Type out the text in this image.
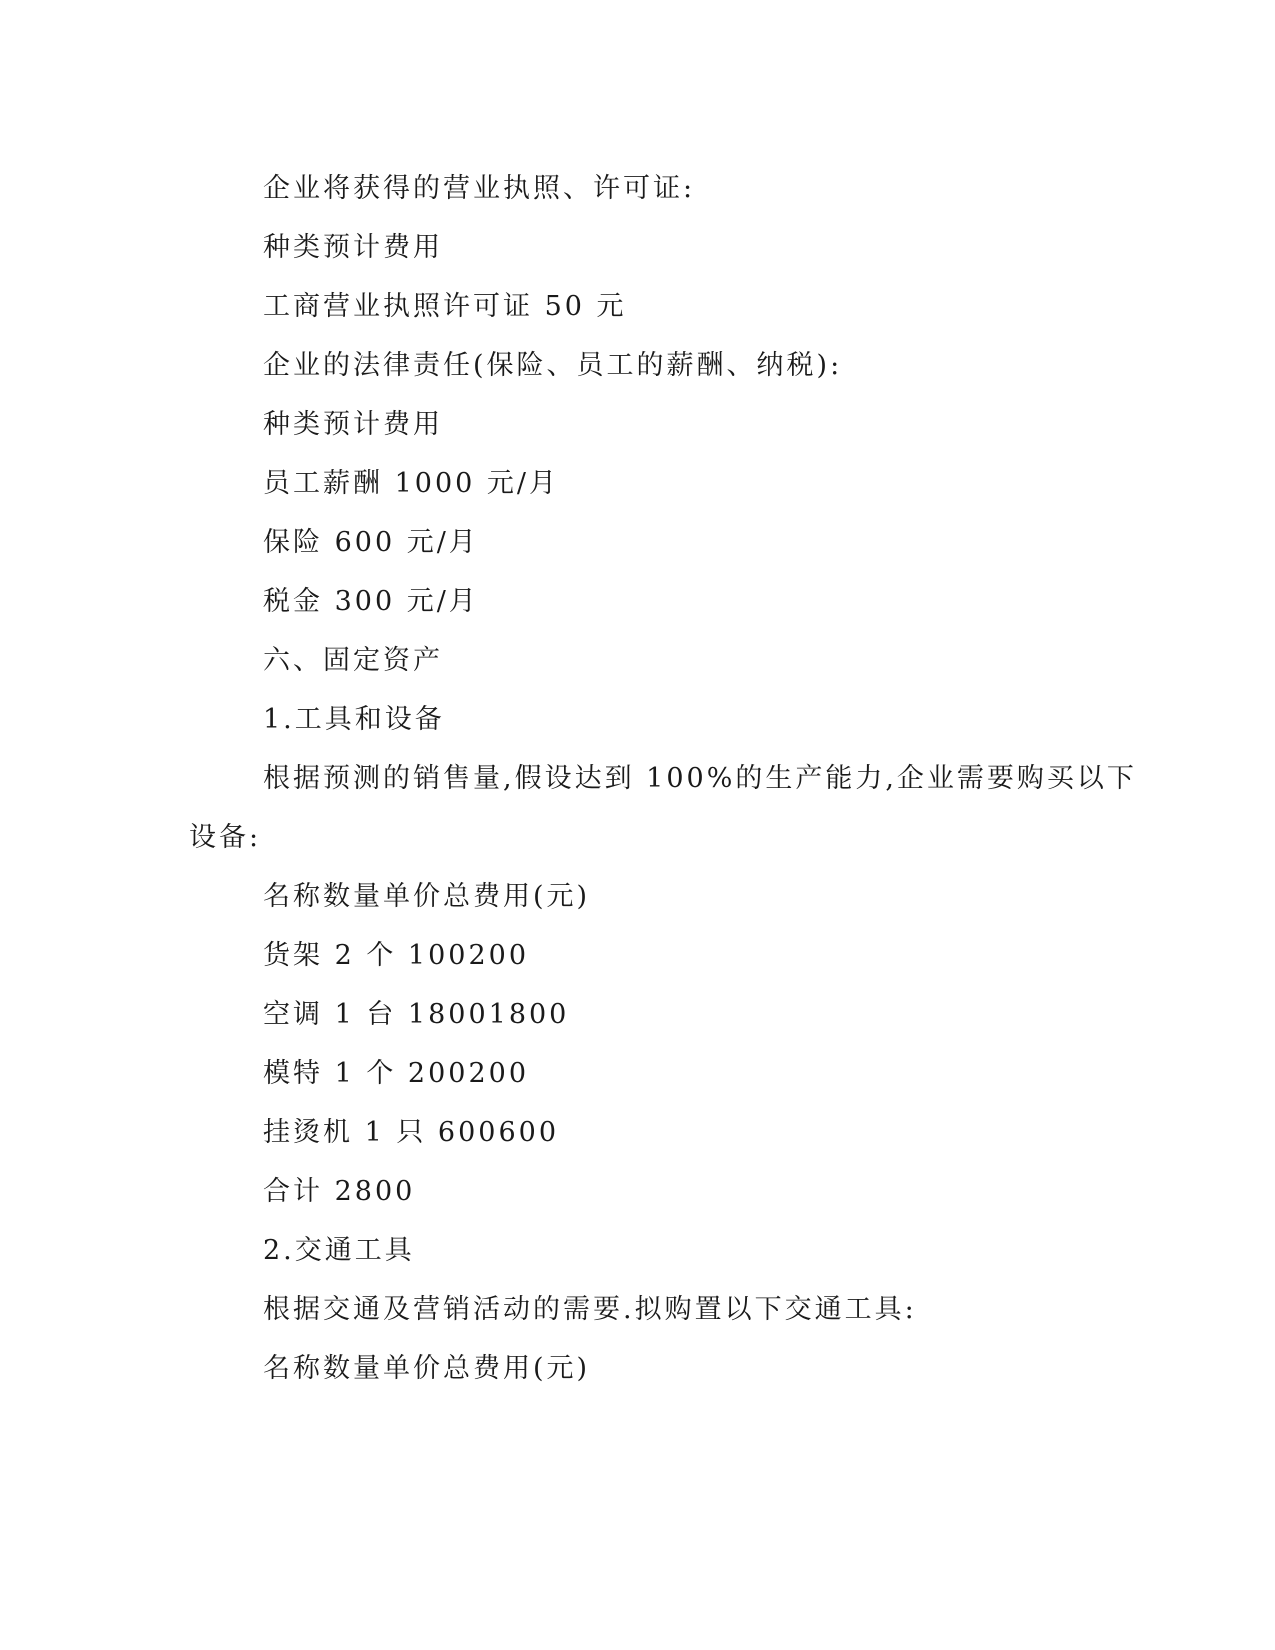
企业将获得的营业执照、许可证:
种类预计费用
工商营业执照许可证 50 元
企业的法律责任(保险、员工的薪酬、纳税):
种类预计费用
员工薪酬 1000 元/月
保险 600 元/月
税金 300 元/月
六、固定资产
1.工具和设备
根据预测的销售量,假设达到 100%的生产能力,企业需要购买以下
设备:
名称数量单价总费用(元)
货架 2 个 100200
空调 1 台 18001800
模特 1 个 200200
挂烫机 1 只 600600
合计 2800
2.交通工具
根据交通及营销活动的需要.拟购置以下交通工具:
名称数量单价总费用(元)
